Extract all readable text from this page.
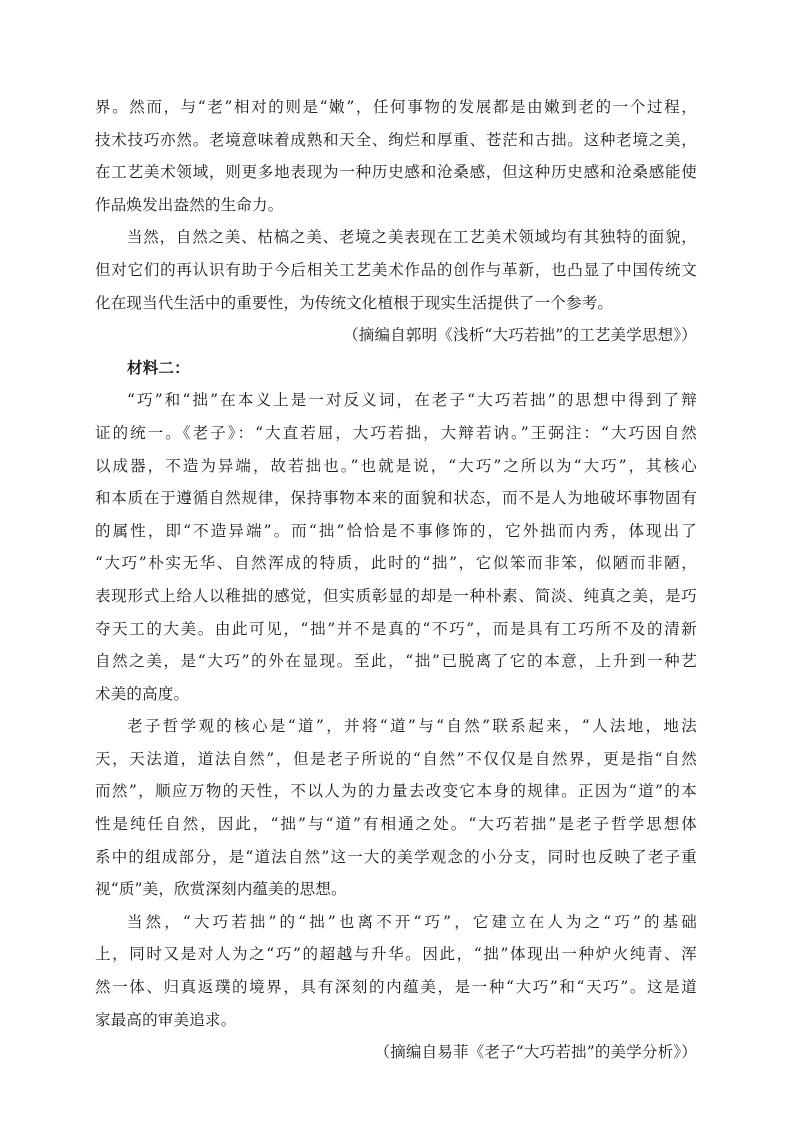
界。然而，与“老”相对的则是“嫩”，任何事物的发展都是由嫩到老的一个过程，
技术技巧亦然。老境意味着成熟和天全、绚烂和厚重、苍茫和古拙。这种老境之美，
在工艺美术领域，则更多地表现为一种历史感和沧桑感，但这种历史感和沧桑感能使
作品焕发出盎然的生命力。
当然，自然之美、枯槁之美、老境之美表现在工艺美术领域均有其独特的面貌，
但对它们的再认识有助于今后相关工艺美术作品的创作与革新，也凸显了中国传统文
化在现当代生活中的重要性，为传统文化植根于现实生活提供了一个参考。
（摘编自郭明《浅析“大巧若拙”的工艺美学思想》）
材料二：
“巧”和“拙”在本义上是一对反义词，在老子“大巧若拙”的思想中得到了辩
证的统一。《老子》：“大直若屈，大巧若拙，大辩若讷。”王弼注：“大巧因自然
以成器，不造为异端，故若拙也。”也就是说，“大巧”之所以为“大巧”，其核心
和本质在于遵循自然规律，保持事物本来的面貌和状态，而不是人为地破坏事物固有
的属性，即“不造异端”。而“拙”恰恰是不事修饰的，它外拙而内秀，体现出了
“大巧”朴实无华、自然浑成的特质，此时的“拙”，它似笨而非笨，似陋而非陋，
表现形式上给人以稚拙的感觉，但实质彰显的却是一种朴素、简淡、纯真之美，是巧
夺天工的大美。由此可见，“拙”并不是真的“不巧”，而是具有工巧所不及的清新
自然之美，是“大巧”的外在显现。至此，“拙”已脱离了它的本意，上升到一种艺
术美的高度。
老子哲学观的核心是“道”，并将“道”与“自然”联系起来，“人法地，地法
天，天法道，道法自然”，但是老子所说的“自然”不仅仅是自然界，更是指“自然
而然”，顺应万物的天性，不以人为的力量去改变它本身的规律。正因为“道”的本
性是纯任自然，因此，“拙”与“道”有相通之处。“大巧若拙”是老子哲学思想体
系中的组成部分，是“道法自然”这一大的美学观念的小分支，同时也反映了老子重
视“质”美，欣赏深刻内蕴美的思想。
当然，“大巧若拙”的“拙”也离不开“巧”，它建立在人为之“巧”的基础
上，同时又是对人为之“巧”的超越与升华。因此，“拙”体现出一种炉火纯青、浑
然一体、归真返璞的境界，具有深刻的内蕴美，是一种“大巧”和“天巧”。这是道
家最高的审美追求。
（摘编自易菲《老子“大巧若拙”的美学分析》）
